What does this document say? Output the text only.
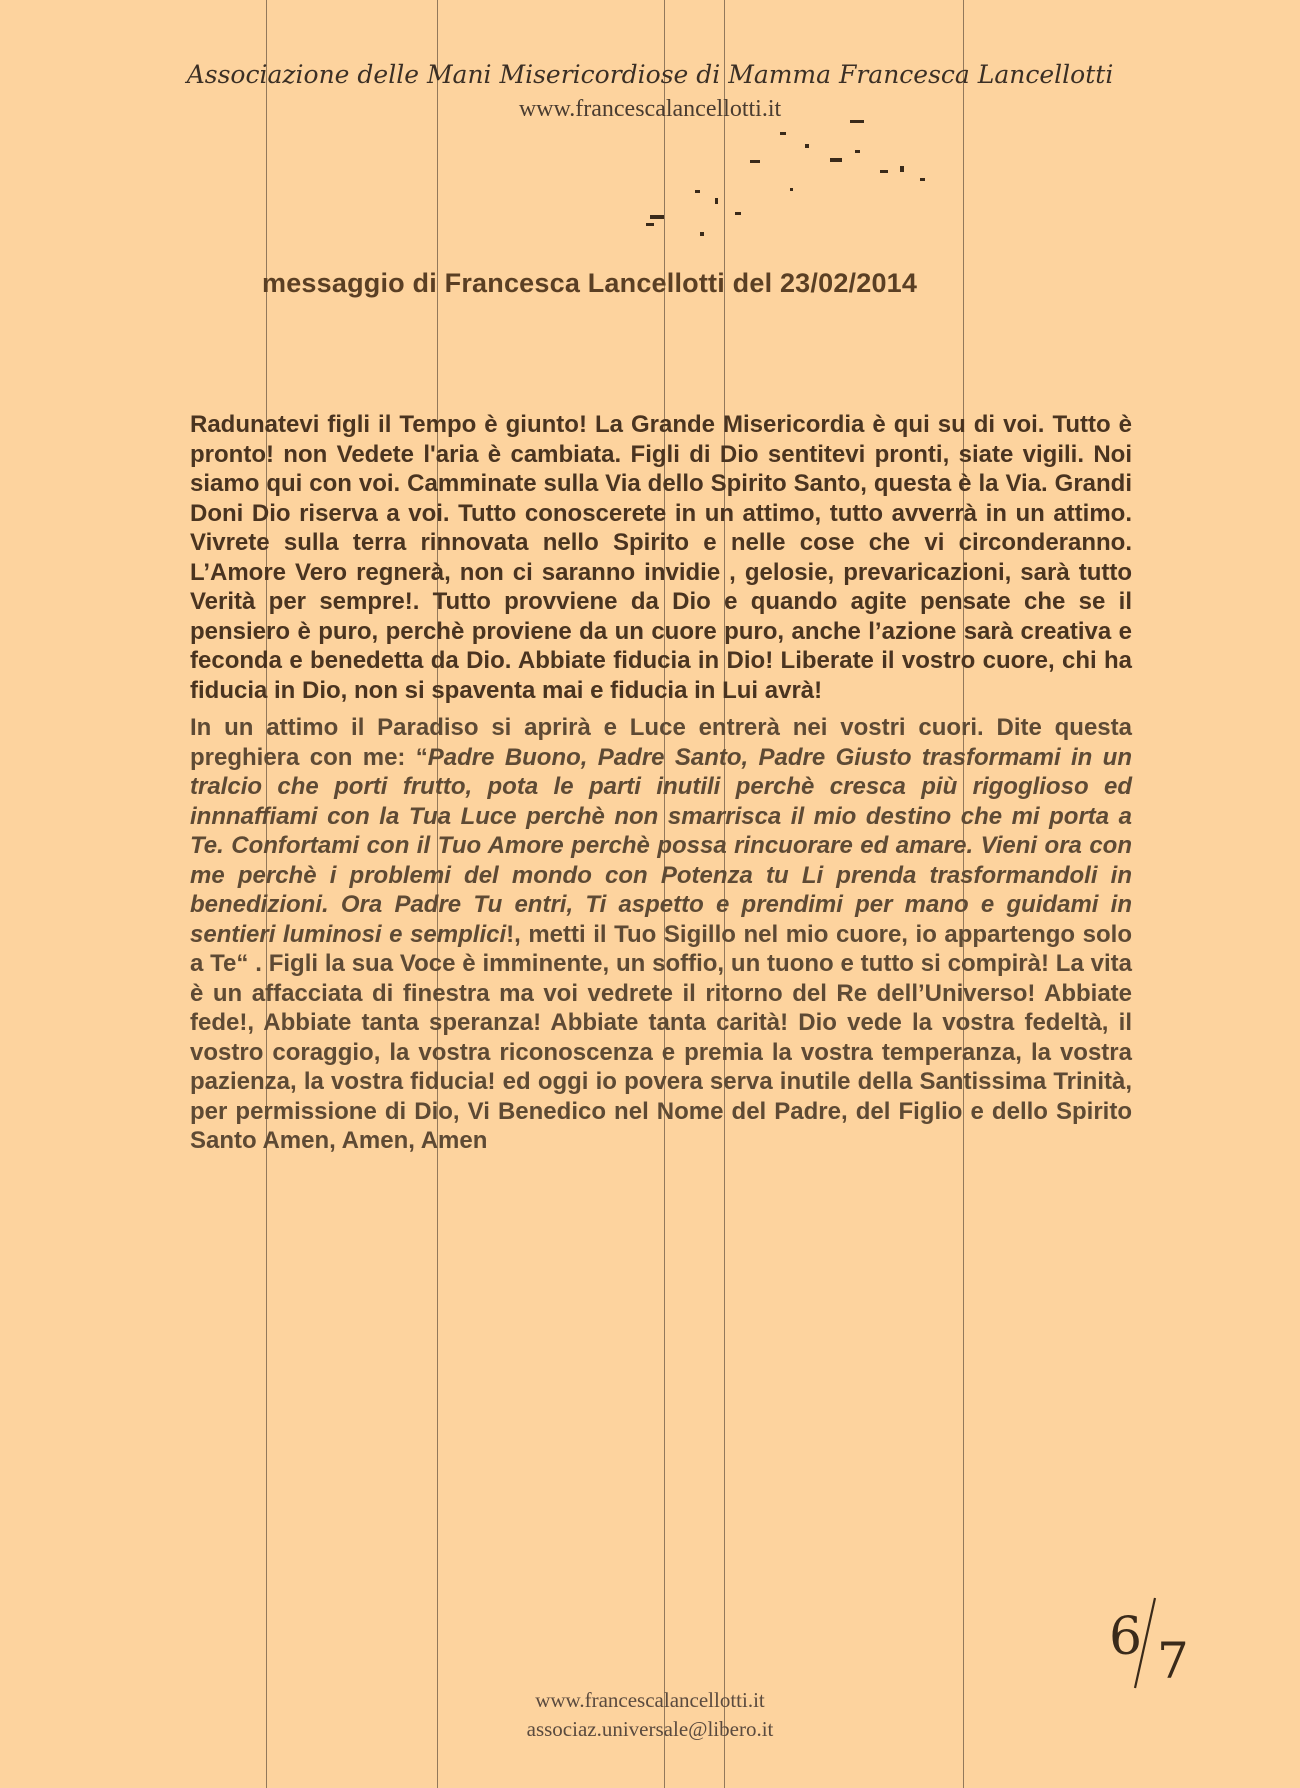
Associazione delle Mani Misericordiose di Mamma Francesca Lancellotti
www.francescalancellotti.it
messaggio di Francesca Lancellotti del 23/02/2014

Radunatevi figli il Tempo è giunto! La Grande Misericordia è qui su di voi. Tutto è pronto! non Vedete l'aria è cambiata. Figli di Dio sentitevi pronti, siate vigili. Noi siamo qui con voi. Camminate sulla Via dello Spirito Santo, questa è la Via. Grandi Doni Dio riserva a voi. Tutto conoscerete in un attimo, tutto avverrà in un attimo. Vivrete sulla terra rinnovata nello Spirito e nelle cose che vi circonderanno. L’Amore Vero regnerà, non ci saranno invidie , gelosie, prevaricazioni, sarà tutto Verità per sempre!. Tutto provviene da Dio e quando agite pensate che se il pensiero è puro, perchè proviene da un cuore puro, anche l’azione sarà creativa e feconda e benedetta da Dio. Abbiate fiducia in Dio! Liberate il vostro cuore, chi ha fiducia in Dio, non si spaventa mai e fiducia in Lui avrà!

In un attimo il Paradiso si aprirà e Luce entrerà nei vostri cuori. Dite questa preghiera con me: “Padre Buono, Padre Santo, Padre Giusto trasformami in un tralcio che porti frutto, pota le parti inutili perchè cresca più rigoglioso ed innnaffiami con la Tua Luce perchè non smarrisca il mio destino che mi porta a Te. Confortami con il Tuo Amore perchè possa rincuorare ed amare. Vieni ora con me perchè i problemi del mondo con Potenza tu Li prenda trasformandoli in benedizioni. Ora Padre Tu entri, Ti aspetto e prendimi per mano e guidami in sentieri luminosi e semplici!, metti il Tuo Sigillo nel mio cuore, io appartengo solo a Te“ . Figli la sua Voce è imminente, un soffio, un tuono e tutto si compirà! La vita è un affacciata di finestra ma voi vedrete il ritorno del Re dell’Universo! Abbiate fede!, Abbiate tanta speranza! Abbiate tanta carità! Dio vede la vostra fedeltà, il vostro coraggio, la vostra riconoscenza e premia la vostra temperanza, la vostra pazienza, la vostra fiducia! ed oggi io povera serva inutile della Santissima Trinità, per permissione di Dio, Vi Benedico nel Nome del Padre, del Figlio e dello Spirito Santo Amen, Amen, Amen

6 7
www.francescalancellotti.it
associaz.universale@libero.it
